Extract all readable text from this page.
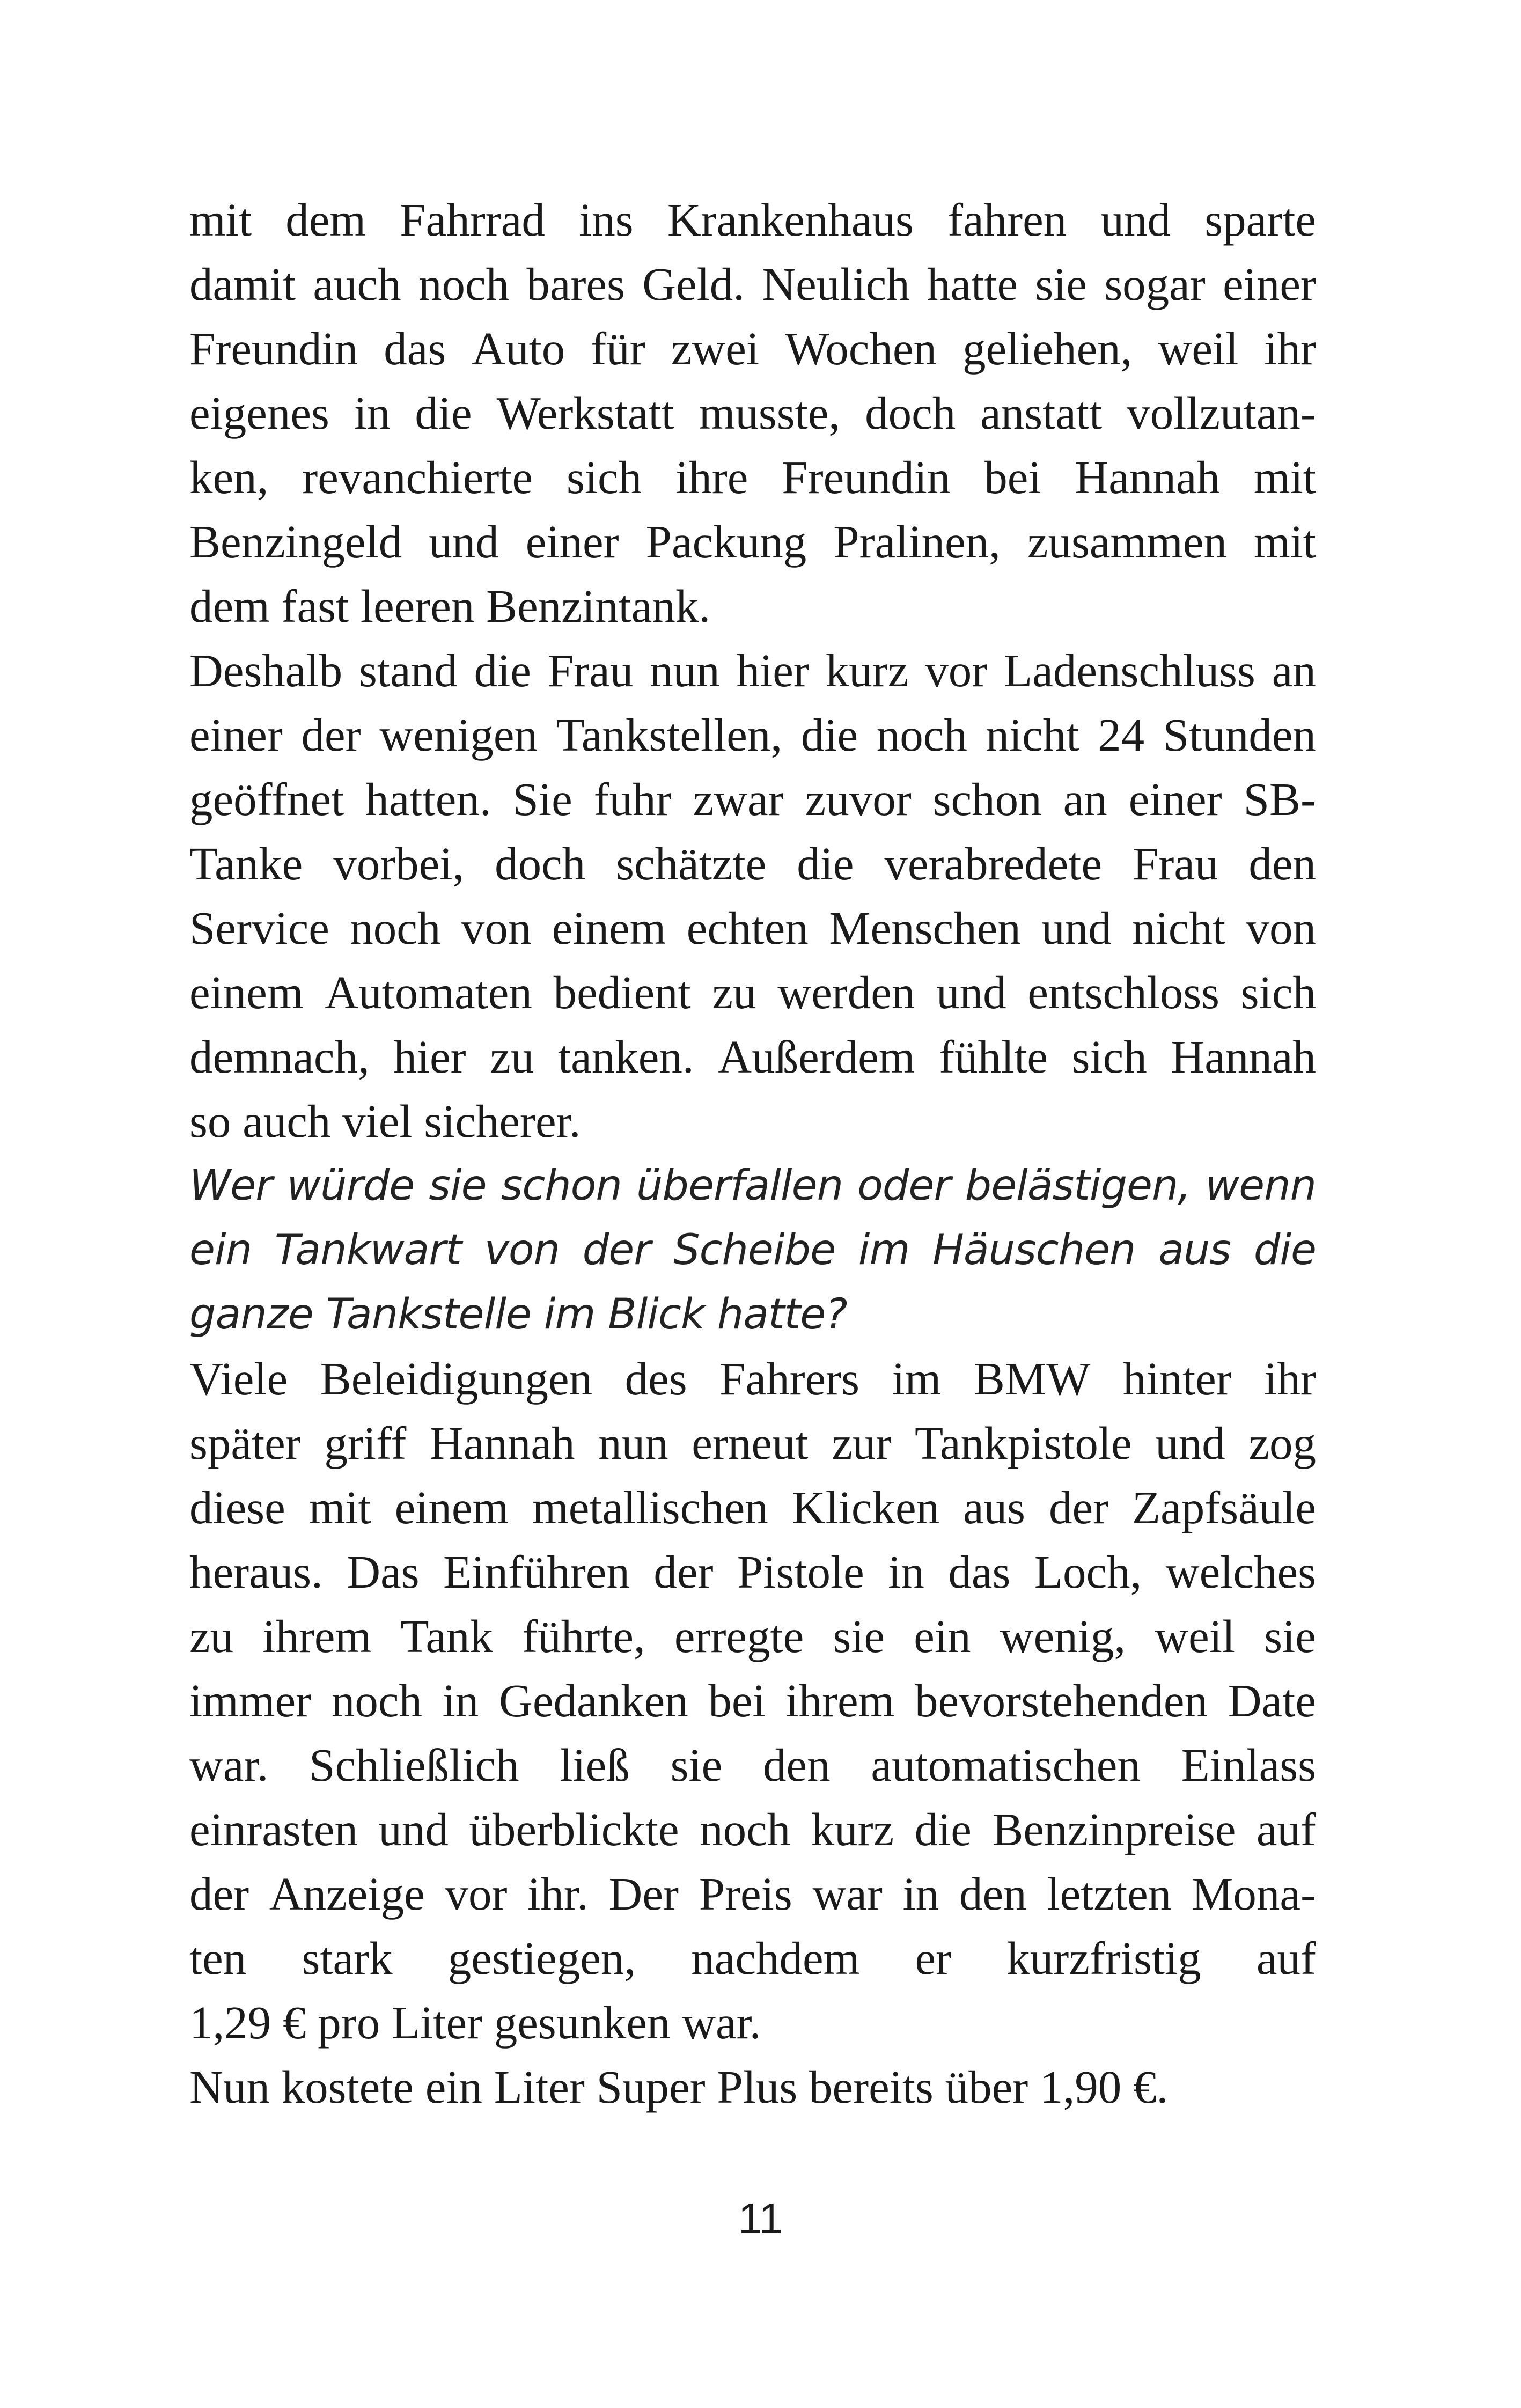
mit dem Fahrrad ins Krankenhaus fahren und sparte
damit auch noch bares Geld. Neulich hatte sie sogar einer
Freundin das Auto für zwei Wochen geliehen, weil ihr
eigenes in die Werkstatt musste, doch anstatt vollzutan-
ken, revanchierte sich ihre Freundin bei Hannah mit
Benzingeld und einer Packung Pralinen, zusammen mit
dem fast leeren Benzintank.
Deshalb stand die Frau nun hier kurz vor Ladenschluss an
einer der wenigen Tankstellen, die noch nicht 24 Stunden
geöffnet hatten. Sie fuhr zwar zuvor schon an einer SB-
Tanke vorbei, doch schätzte die verabredete Frau den
Service noch von einem echten Menschen und nicht von
einem Automaten bedient zu werden und entschloss sich
demnach, hier zu tanken. Außerdem fühlte sich Hannah
so auch viel sicherer.
Wer würde sie schon überfallen oder belästigen, wenn
ein Tankwart von der Scheibe im Häuschen aus die
ganze Tankstelle im Blick hatte?
Viele Beleidigungen des Fahrers im BMW hinter ihr
später griff Hannah nun erneut zur Tankpistole und zog
diese mit einem metallischen Klicken aus der Zapfsäule
heraus. Das Einführen der Pistole in das Loch, welches
zu ihrem Tank führte, erregte sie ein wenig, weil sie
immer noch in Gedanken bei ihrem bevorstehenden Date
war. Schließlich ließ sie den automatischen Einlass
einrasten und überblickte noch kurz die Benzinpreise auf
der Anzeige vor ihr. Der Preis war in den letzten Mona-
ten stark gestiegen, nachdem er kurzfristig auf
1,29 € pro Liter gesunken war.
Nun kostete ein Liter Super Plus bereits über 1,90 €.
11
